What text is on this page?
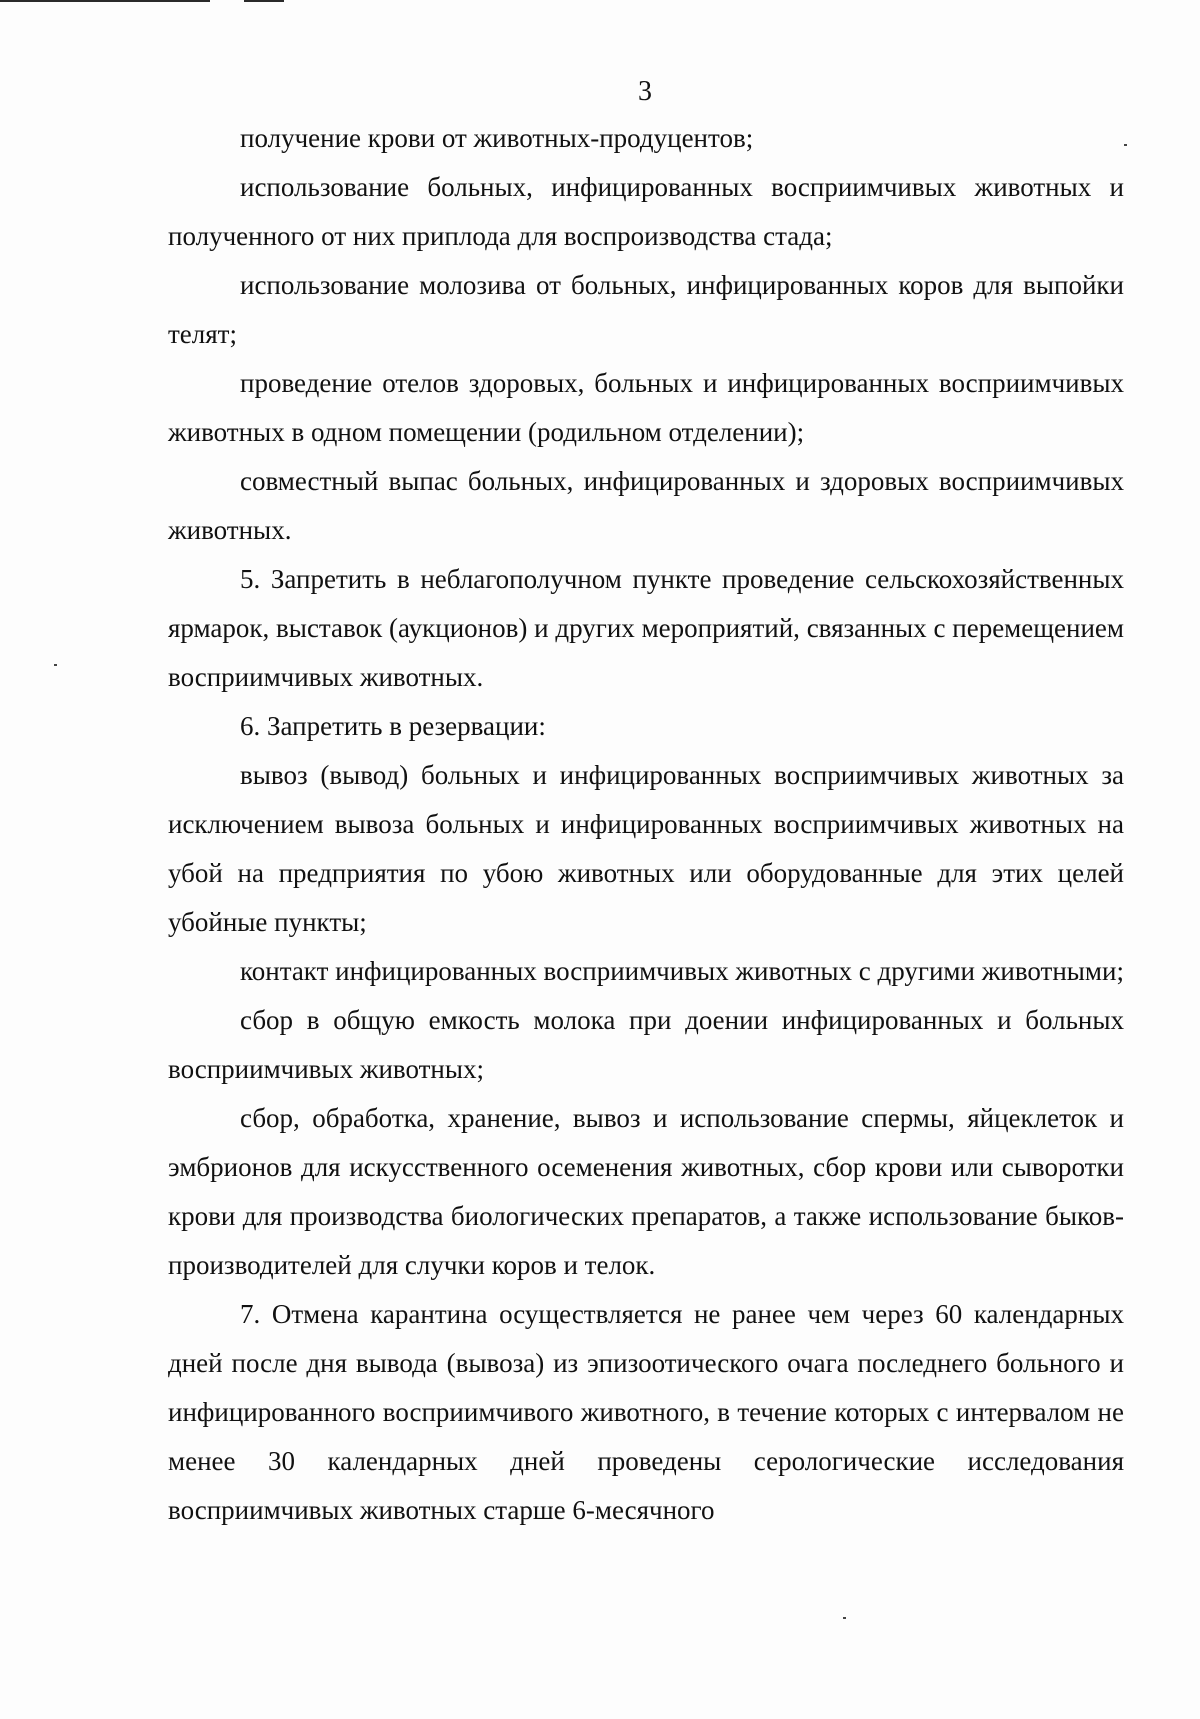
3

получение крови от животных-продуцентов;

использование больных, инфицированных восприимчивых животных и полученного от них приплода для воспроизводства стада;

использование молозива от больных, инфицированных коров для выпойки телят;

проведение отелов здоровых, больных и инфицированных восприимчивых животных в одном помещении (родильном отделении);

совместный выпас больных, инфицированных и здоровых восприимчивых животных.

5. Запретить в неблагополучном пункте проведение сельскохозяйственных ярмарок, выставок (аукционов) и других мероприятий, связанных с перемещением восприимчивых животных.

6. Запретить в резервации:

вывоз (вывод) больных и инфицированных восприимчивых животных за исключением вывоза больных и инфицированных восприимчивых животных на убой на предприятия по убою животных или оборудованные для этих целей убойные пункты;

контакт инфицированных восприимчивых животных с другими животными;

сбор в общую емкость молока при доении инфицированных и больных восприимчивых животных;

сбор, обработка, хранение, вывоз и использование спермы, яйцеклеток и эмбрионов для искусственного осеменения животных, сбор крови или сыворотки крови для производства биологических препаратов, а также использование быков-производителей для случки коров и телок.

7. Отмена карантина осуществляется не ранее чем через 60 календарных дней после дня вывода (вывоза) из эпизоотического очага последнего больного и инфицированного восприимчивого животного, в течение которых с интервалом не менее 30 календарных дней проведены серологические исследования восприимчивых животных старше 6-месячного
